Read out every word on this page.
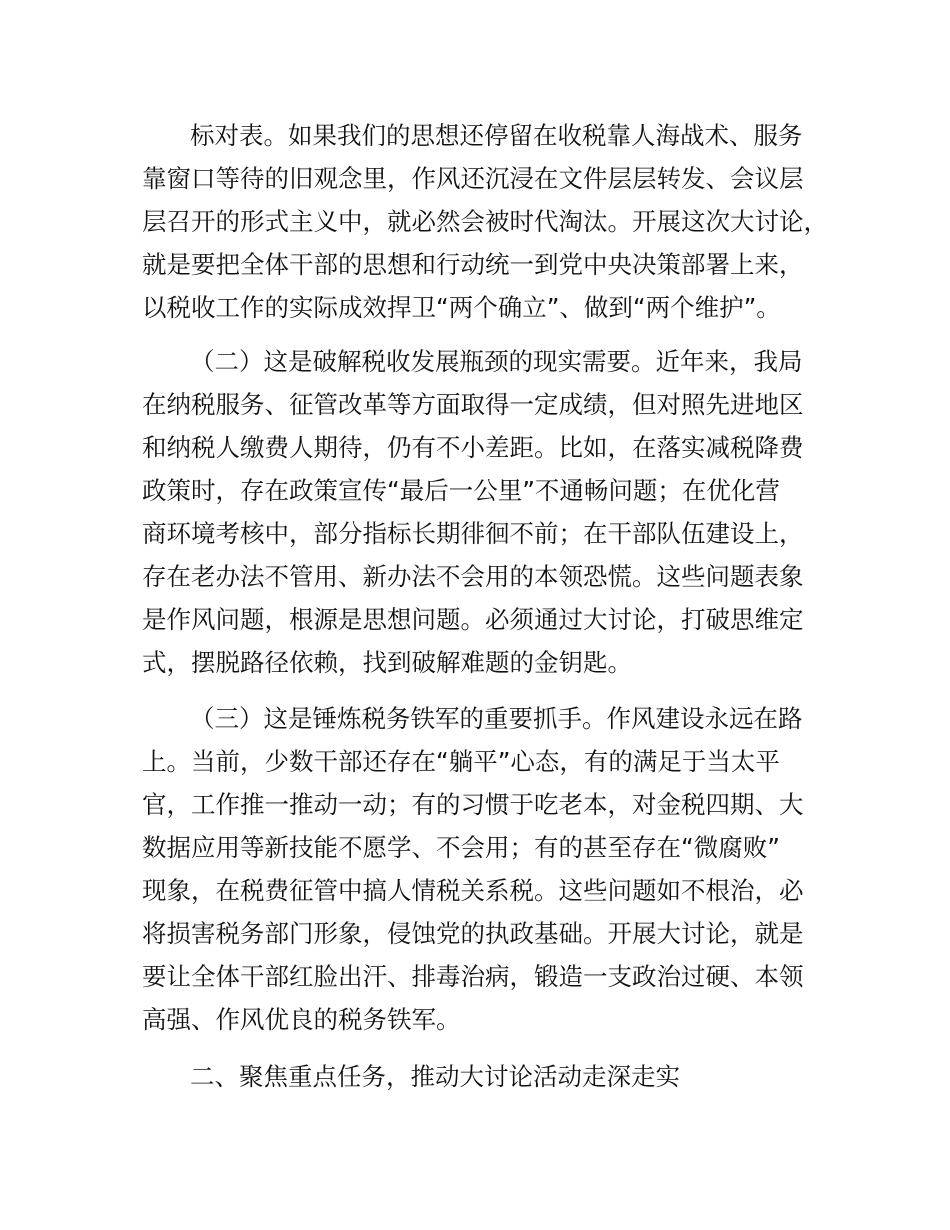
标对表。如果我们的思想还停留在收税靠人海战术、服务
靠窗口等待的旧观念里，作风还沉浸在文件层层转发、会议层
层召开的形式主义中，就必然会被时代淘汰。开展这次大讨论，
就是要把全体干部的思想和行动统一到党中央决策部署上来，
以税收工作的实际成效捍卫“两个确立”、做到“两个维护”。
（二）这是破解税收发展瓶颈的现实需要。近年来，我局
在纳税服务、征管改革等方面取得一定成绩，但对照先进地区
和纳税人缴费人期待，仍有不小差距。比如，在落实减税降费
政策时，存在政策宣传“最后一公里”不通畅问题；在优化营
商环境考核中，部分指标长期徘徊不前；在干部队伍建设上，
存在老办法不管用、新办法不会用的本领恐慌。这些问题表象
是作风问题，根源是思想问题。必须通过大讨论，打破思维定
式，摆脱路径依赖，找到破解难题的金钥匙。
（三）这是锤炼税务铁军的重要抓手。作风建设永远在路
上。当前，少数干部还存在“躺平”心态，有的满足于当太平
官，工作推一推动一动；有的习惯于吃老本，对金税四期、大
数据应用等新技能不愿学、不会用；有的甚至存在“微腐败”
现象，在税费征管中搞人情税关系税。这些问题如不根治，必
将损害税务部门形象，侵蚀党的执政基础。开展大讨论，就是
要让全体干部红脸出汗、排毒治病，锻造一支政治过硬、本领
高强、作风优良的税务铁军。
二、聚焦重点任务，推动大讨论活动走深走实
